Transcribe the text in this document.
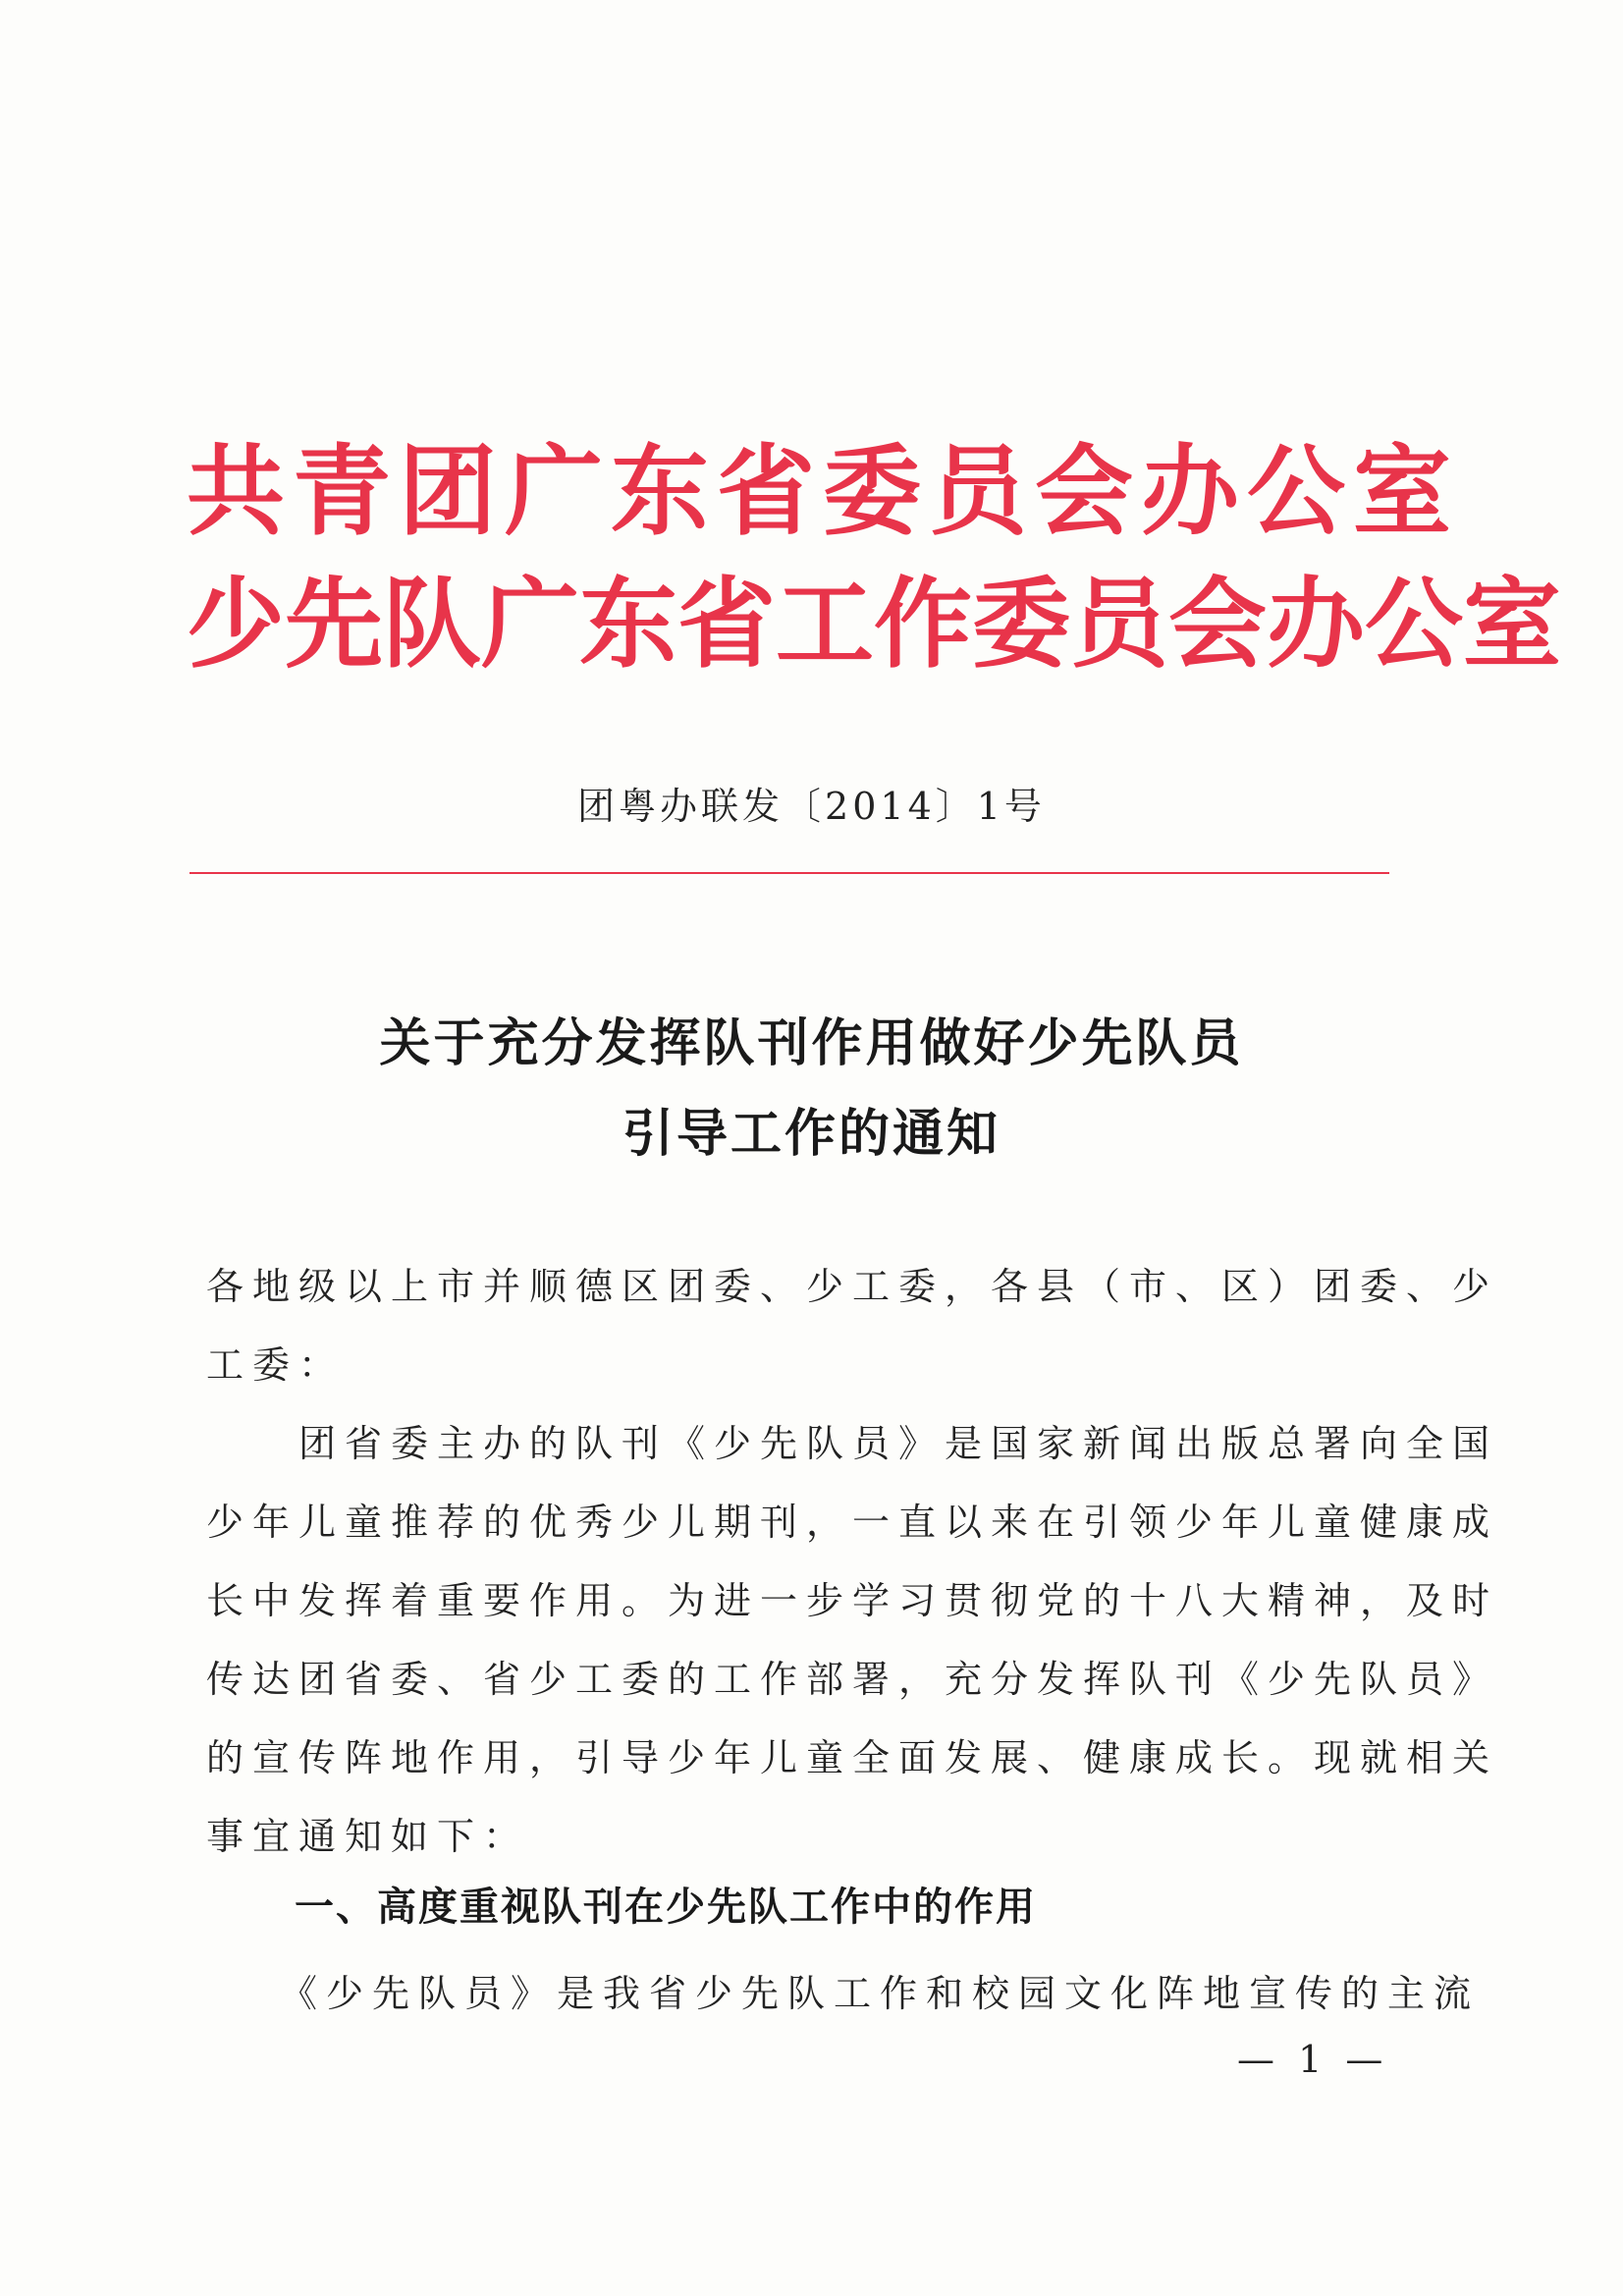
共青团广东省委员会办公室
少先队广东省工作委员会办公室
团粤办联发〔2014〕1号
关于充分发挥队刊作用做好少先队员
引导工作的通知
各地级以上市并顺德区团委、少工委，各县（市、区）团委、少
工委：
　　团省委主办的队刊《少先队员》是国家新闻出版总署向全国
少年儿童推荐的优秀少儿期刊，一直以来在引领少年儿童健康成
长中发挥着重要作用。为进一步学习贯彻党的十八大精神，及时
传达团省委、省少工委的工作部署，充分发挥队刊《少先队员》
的宣传阵地作用，引导少年儿童全面发展、健康成长。现就相关
事宜通知如下：
一、高度重视队刊在少先队工作中的作用
　　《少先队员》是我省少先队工作和校园文化阵地宣传的主流
— 1 —
